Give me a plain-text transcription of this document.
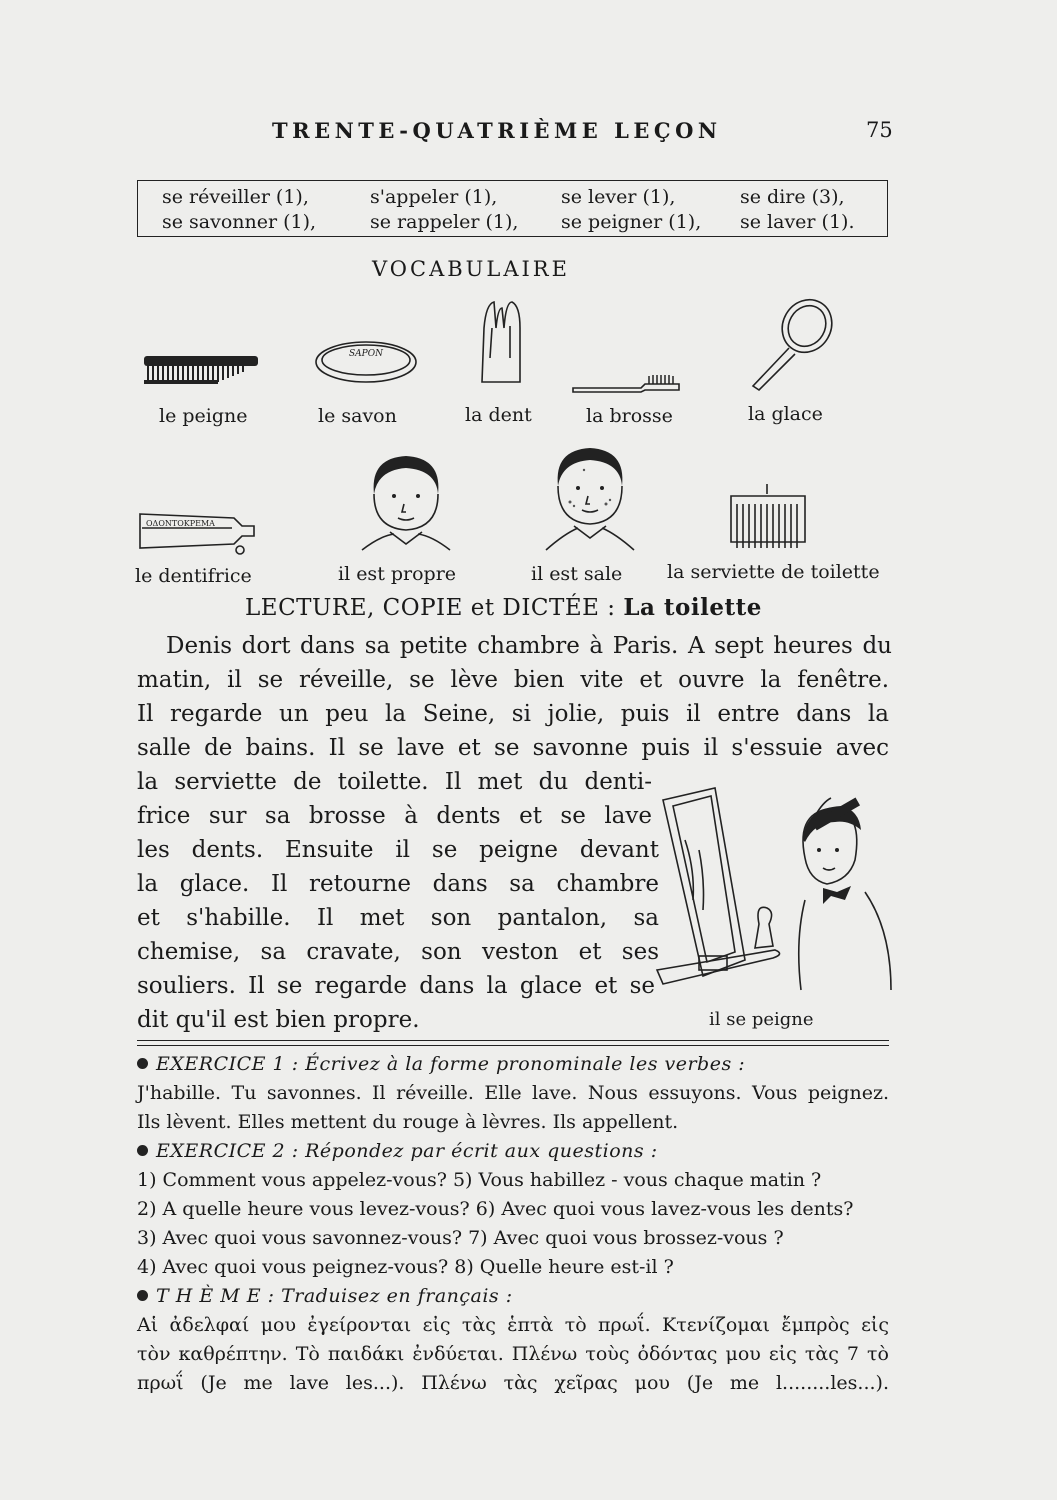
TRENTE-QUATRIÈME LEÇON	75
se réveiller (1),	s'appeler (1),	se lever (1),	se dire (3),
se savonner (1),	se rappeler (1), se peigner (1), se laver (1).
VOCABULAIRE
le peigne
SAPON
le savon	la dent	la brosse	la glace
ΟΔΟΝΤΟΚΡΕΜΑ
le dentifrice	il est propre	il est sale la serviette de toilette
LECTURE, COPIE et DICTÉE : La toilette
Denis dort dans sa petite chambre à Paris. A sept heures du
matin, il se réveille, se lève bien vite et ouvre la fenêtre.
Il regarde un peu la Seine, si jolie, puis il entre dans la
salle de bains. Il se lave et se savonne puis il s'essuie avec
la serviette de toilette. Il met du denti-
frice sur sa brosse à dents et se lave
les dents. Ensuite il se peigne devant
la glace. Il retourne dans sa chambre
et s'habille. Il met son pantalon, sa
chemise, sa cravate, son veston et ses
souliers. Il se regarde dans la glace et se
dit qu'il est bien propre.	il se peigne
EXERCICE 1 : Écrivez à la forme pronominale les verbes :
J'habille. Tu savonnes. Il réveille. Elle lave. Nous essuyons. Vous peignez.
Ils lèvent. Elles mettent du rouge à lèvres. Ils appellent.
EXERCICE 2 : Répondez par écrit aux questions :
1) Comment vous appelez-vous? 5) Vous habillez - vous chaque matin ?
2) A quelle heure vous levez-vous? 6) Avec quoi vous lavez-vous les dents?
3) Avec quoi vous savonnez-vous? 7) Avec quoi vous brossez-vous ?
4) Avec quoi vous peignez-vous? 8) Quelle heure est-il ?
T H È M E : Traduisez en français :
Αἱ ἀδελφαί μου ἐγείρονται εἰς τὰς ἑπτὰ τὸ πρωΐ. Κτενίζομαι ἔμπρὸς εἰς
τὸν καθρέπτην. Τὸ παιδάκι ἐνδύεται. Πλένω τοὺς ὀδόντας μου εἰς τὰς 7 τὸ
πρωΐ (Je me lave les...). Πλένω τὰς χεῖρας μου (Je me l........les...).
